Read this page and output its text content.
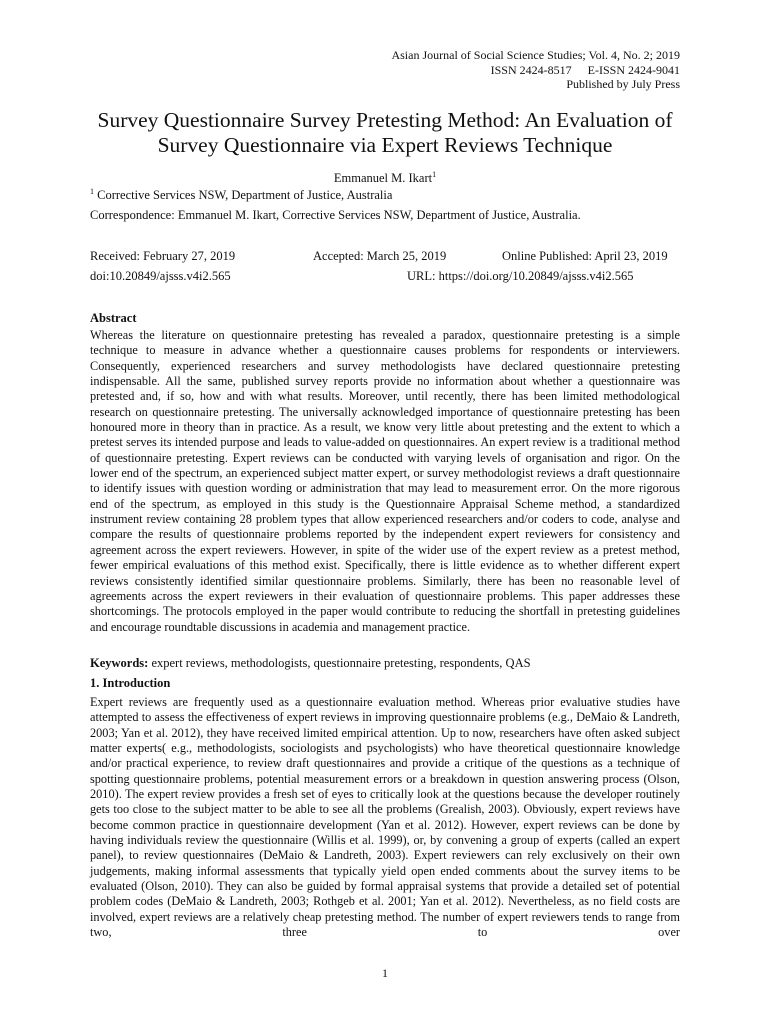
Asian Journal of Social Science Studies; Vol. 4, No. 2; 2019
ISSN 2424-8517 E-ISSN 2424-9041
Published by July Press
Survey Questionnaire Survey Pretesting Method: An Evaluation of
Survey Questionnaire via Expert Reviews Technique
Emmanuel M. Ikart$^1$
$^1$ Corrective Services NSW, Department of Justice, Australia
Correspondence: Emmanuel M. Ikart, Corrective Services NSW, Department of Justice, Australia.
Received: February 27, 2019	Accepted: March 25, 2019	Online Published: April 23, 2019
doi:10.20849/ajsss.v4i2.565	URL: https://doi.org/10.20849/ajsss.v4i2.565
Abstract

Whereas the literature on questionnaire pretesting has revealed a paradox, questionnaire pretesting is a simple technique to measure in advance whether a questionnaire causes problems for respondents or interviewers. Consequently, experienced researchers and survey methodologists have declared questionnaire pretesting indispensable. All the same, published survey reports provide no information about whether a questionnaire was pretested and, if so, how and with what results. Moreover, until recently, there has been limited methodological research on questionnaire pretesting. The universally acknowledged importance of questionnaire pretesting has been honoured more in theory than in practice. As a result, we know very little about pretesting and the extent to which a pretest serves its intended purpose and leads to value-added on questionnaires. An expert review is a traditional method of questionnaire pretesting. Expert reviews can be conducted with varying levels of organisation and rigor. On the lower end of the spectrum, an experienced subject matter expert, or survey methodologist reviews a draft questionnaire to identify issues with question wording or administration that may lead to measurement error. On the more rigorous end of the spectrum, as employed in this study is the Questionnaire Appraisal Scheme method, a standardized instrument review containing 28 problem types that allow experienced researchers and/or coders to code, analyse and compare the results of questionnaire problems reported by the independent expert reviewers for consistency and agreement across the expert reviewers. However, in spite of the wider use of the expert review as a pretest method, fewer empirical evaluations of this method exist. Specifically, there is little evidence as to whether different expert reviews consistently identified similar questionnaire problems. Similarly, there has been no reasonable level of agreements across the expert reviewers in their evaluation of questionnaire problems. This paper addresses these shortcomings. The protocols employed in the paper would contribute to reducing the shortfall in pretesting guidelines and encourage roundtable discussions in academia and management practice.

Keywords: expert reviews, methodologists, questionnaire pretesting, respondents, QAS
1. Introduction

Expert reviews are frequently used as a questionnaire evaluation method. Whereas prior evaluative studies have attempted to assess the effectiveness of expert reviews in improving questionnaire problems (e.g., DeMaio & Landreth, 2003; Yan et al. 2012), they have received limited empirical attention. Up to now, researchers have often asked subject matter experts( e.g., methodologists, sociologists and psychologists) who have theoretical questionnaire knowledge and/or practical experience, to review draft questionnaires and provide a critique of the questions as a technique of spotting questionnaire problems, potential measurement errors or a breakdown in question answering process (Olson, 2010). The expert review provides a fresh set of eyes to critically look at the questions because the developer routinely gets too close to the subject matter to be able to see all the problems (Grealish, 2003). Obviously, expert reviews have become common practice in questionnaire development (Yan et al. 2012). However, expert reviews can be done by having individuals review the questionnaire (Willis et al. 1999), or, by convening a group of experts (called an expert panel), to review questionnaires (DeMaio & Landreth, 2003). Expert reviewers can rely exclusively on their own judgements, making informal assessments that typically yield open ended comments about the survey items to be evaluated (Olson, 2010). They can also be guided by formal appraisal systems that provide a detailed set of potential problem codes (DeMaio & Landreth, 2003; Rothgeb et al. 2001; Yan et al. 2012). Nevertheless, as no field costs are involved, expert reviews are a relatively cheap pretesting method. The number of expert reviewers tends to range from two, three to over

1
